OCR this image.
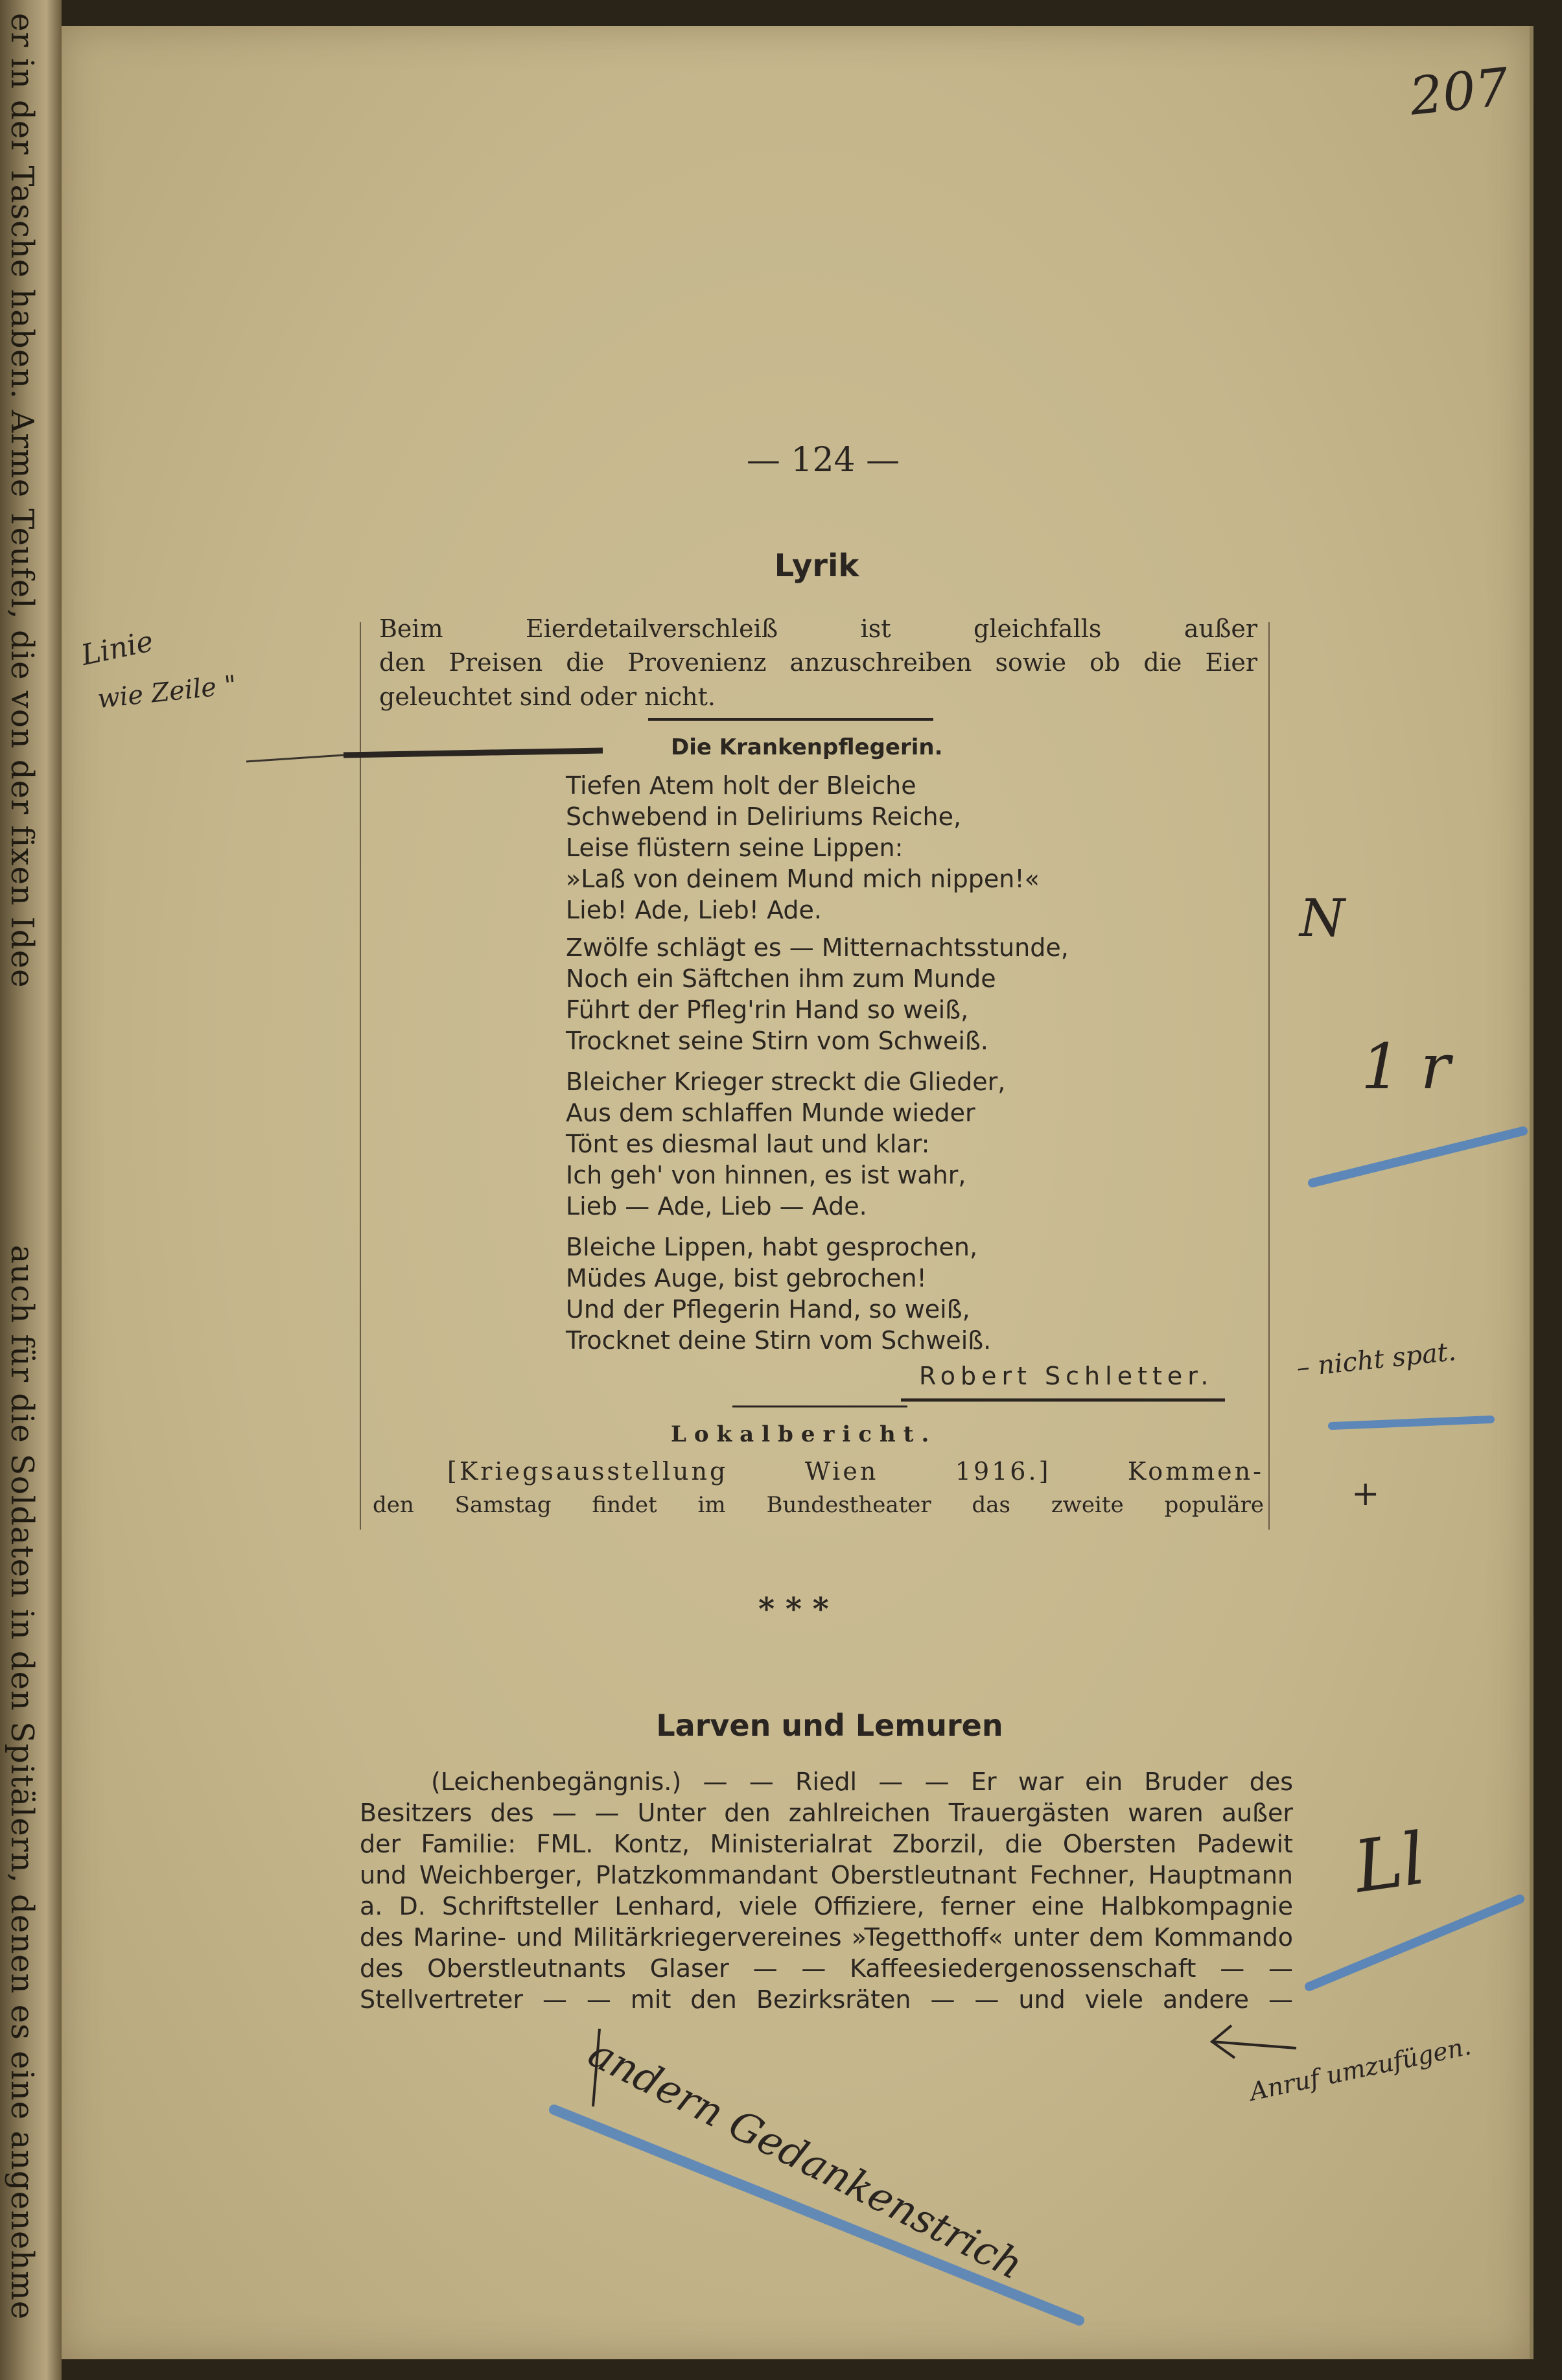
er in der Tasche haben. Arme Teufel, die von der fixen Idee auch für die Soldaten in den Spitälern, denen es eine angenehme
207
— 124 —
Lyrik
Beim Eierdetailverschleiß ist gleichfalls außer
den Preisen die Provenienz anzuschreiben sowie ob die Eier
geleuchtet sind oder nicht.
Die Krankenpflegerin.
Tiefen Atem holt der Bleiche
Schwebend in Deliriums Reiche,
Leise flüstern seine Lippen:
»Laß von deinem Mund mich nippen!«
Lieb! Ade, Lieb! Ade.
Zwölfe schlägt es — Mitternachtsstunde,
Noch ein Säftchen ihm zum Munde
Führt der Pfleg'rin Hand so weiß,
Trocknet seine Stirn vom Schweiß.
Bleicher Krieger streckt die Glieder,
Aus dem schlaffen Munde wieder
Tönt es diesmal laut und klar:
Ich geh' von hinnen, es ist wahr,
Lieb — Ade, Lieb — Ade.
Bleiche Lippen, habt gesprochen,
Müdes Auge, bist gebrochen!
Und der Pflegerin Hand, so weiß,
Trocknet deine Stirn vom Schweiß.
Robert Schletter.
Lokalbericht.
[Kriegsausstellung Wien 1916.] Kommen-
den Samstag findet im Bundestheater das zweite populäre
* * *
Larven und Lemuren
(Leichenbegängnis.) — — Riedl — — Er war ein Bruder des
Besitzers des — — Unter den zahlreichen Trauergästen waren außer
der Familie: FML. Kontz, Ministerialrat Zborzil, die Obersten Padewit
und Weichberger, Platzkommandant Oberstleutnant Fechner, Hauptmann
a. D. Schriftsteller Lenhard, viele Offiziere, ferner eine Halbkompagnie
des Marine- und Militärkriegervereines »Tegetthoff« unter dem Kommando
des Oberstleutnants Glaser — — Kaffeesiedergenossenschaft — —
Stellvertreter — — mit den Bezirksräten — — und viele andere —
Linie
wie Zeile "
N
1 r
– nicht spat.
+
Ll
Anruf umzufügen.
andern Gedankenstrich
